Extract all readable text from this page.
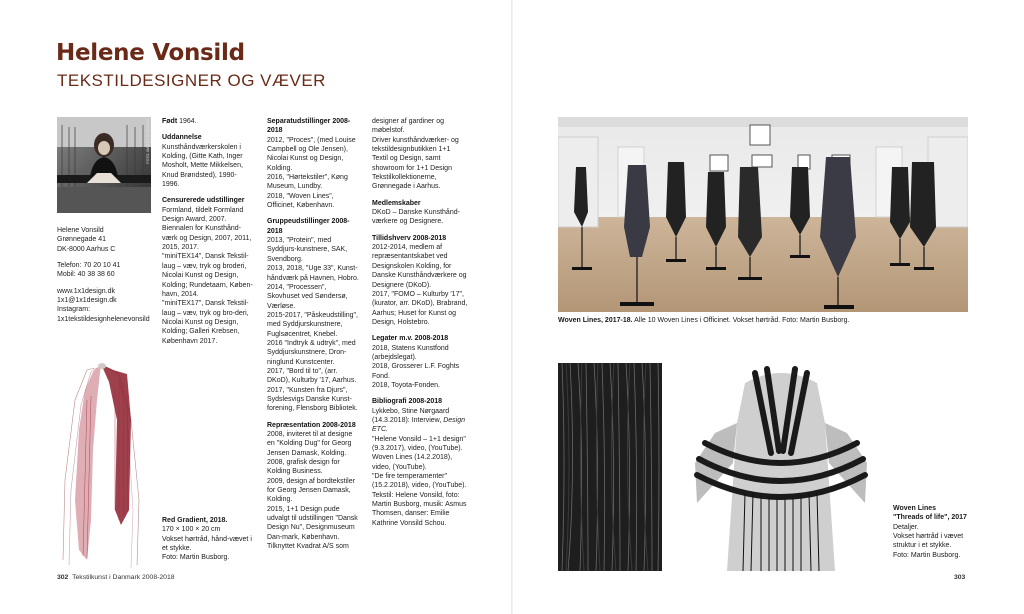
Helene Vonsild
TEKSTILDESIGNER OG VÆVER
FOTO: MARTIN BUSBORG

Helene Vonsild

Grønnegade 41

DK-8000 Aarhus C

Telefon: 70 20 10 41

Mobil: 40 38 38 60

www.1x1design.dk

1x1@1x1design.dk

Instagram:

1x1tekstildesignhelenevonsild

Red Gradient, 2018.
170 × 100 × 20 cm
Vokset hørtråd, hånd-vævet i et stykke.
Foto: Martin Busborg.

Født 1964.

Uddannelse

Kunsthåndværkerskolen i Kolding, (Gitte Kath, Inger Mosholt, Mette Mikkelsen, Knud Brøndsted), 1990-1996.

Censurerede udstillinger

Formland, tildelt Formland Design Award, 2007.

Biennalen for Kunsthånd-værk og Design, 2007, 2011, 2015, 2017.

"miniTEX14", Dansk Tekstil-laug – væv, tryk og broderi, Nicolai Kunst og Design, Kolding; Rundetaarn, Køben-havn, 2014.

"miniTEX17", Dansk Tekstil-laug – væv, tryk og bro-deri, Nicolai Kunst og Design, Kolding; Galleri Krebsen, København 2017.

Separatudstillinger 2008-2018

2012, "Proces", (med Louise Campbell og Ole Jensen), Nicolai Kunst og Design, Kolding.

2016, "Hørtekstiler", Køng Museum, Lundby.

2018, "Woven Lines", Officinet, København.

Gruppeudstillinger 2008-2018

2013, "Protein", med Syddjurs-kunstnere, SAK, Svendborg.

2013, 2018, "Uge 33", Kunst-håndværk på Havnen, Hobro.

2014, "Processen", Skovhuset ved Søndersø, Værløse.

2015-2017, "Påskeudstilling", med Syddjurskunstnere, Fuglsøcentret, Knebel.

2016 "Indtryk & udtryk", med Syddjurskunstnere, Dron-ninglund Kunstcenter.

2017, "Bord til to", (arr. DKoD), Kulturby '17, Aarhus.

2017, "Kunsten fra Djurs", Sydslesvigs Danske Kunst-forening, Flensborg Bibliotek.

Repræsentation 2008-2018

2008, inviteret til at designe en "Kolding Dug" for Georg Jensen Damask, Kolding.

2008, grafisk design for Kolding Business.

2009, design af bordtekstiler for Georg Jensen Damask, Kolding.

2015, 1+1 Design pude udvalgt til udstillingen "Dansk Design Nu", Designmuseum Dan-mark, København.

Tilknyttet Kvadrat A/S som

designer af gardiner og møbelstof.

Driver kunsthåndværker- og tekstildesignbutikken 1+1 Textil og Design, samt showroom for 1+1 Design Tekstilkollektionerne, Grønnegade i Aarhus.

Medlemskaber

DKoD – Danske Kunsthånd-værkere og Designere.

Tillidshverv 2008-2018

2012-2014, medlem af repræsentantskabet ved Designskolen Kolding, for Danske Kunsthåndværkere og Designere (DKoD).

2017, "FOMO – Kulturby '17", (kurator, arr. DKoD), Brabrand, Aarhus; Huset for Kunst og Design, Holstebro.

Legater m.v. 2008-2018

2018, Statens Kunstfond (arbejdslegat).

2018, Grosserer L.F. Foghts Fond.

2018, Toyota-Fonden.

Bibliografi 2008-2018

Lykkebo, Stine Nørgaard (14.3.2018): Interview, Design ETC.

"Helene Vonsild – 1+1 design" (9.3.2017), video, (YouTube).

Woven Lines (14.2.2018), video, (YouTube).

"De fire temperamenter" (15.2.2018), video, (YouTube). Tekstil: Helene Vonsild, foto: Martin Busborg, musik: Asmus Thomsen, danser: Emilie Kathrine Vonsild Schou.

Woven Lines, 2017-18. Alle 10 Woven Lines i Officinet. Vokset hørtråd. Foto: Martin Busborg.
Woven Lines
"Threads of life", 2017
Detaljer.
Vokset hørtråd i vævet struktur i et stykke.
Foto: Martin Busborg.
302 Tekstilkunst i Danmark 2008-2018	303
